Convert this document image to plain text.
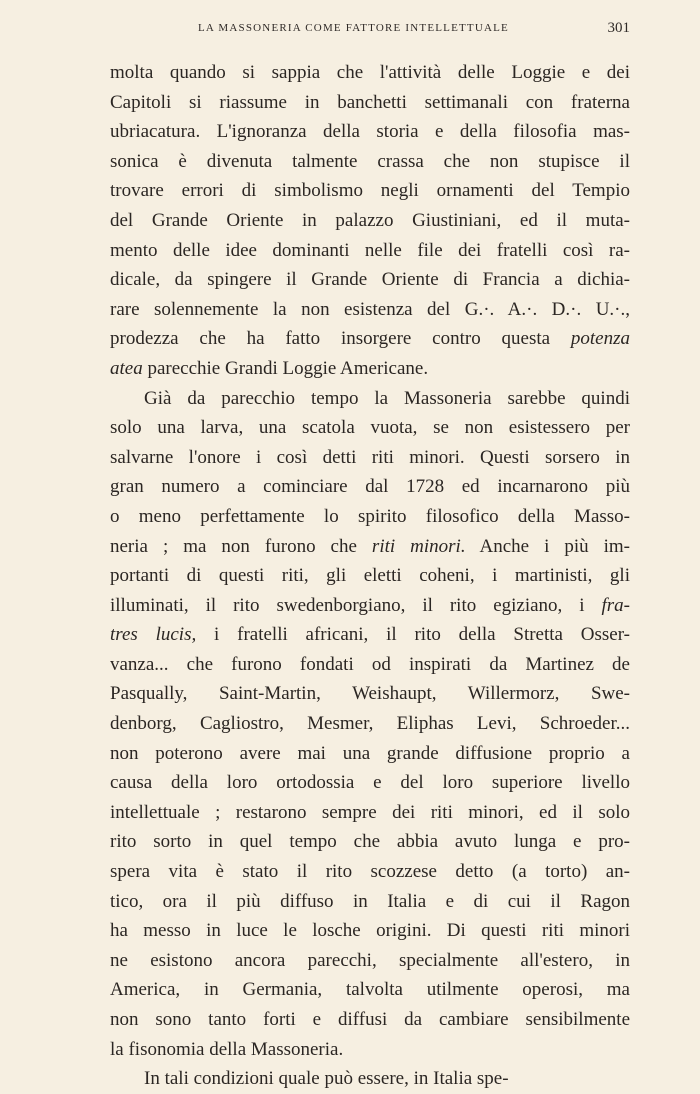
LA MASSONERIA COME FATTORE INTELLETTUALE	301

molta quando si sappia che l'attività delle Loggie e dei
Capitoli si riassume in banchetti settimanali con fraterna
ubriacatura. L'ignoranza della storia e della filosofia mas-
sonica è divenuta talmente crassa che non stupisce il
trovare errori di simbolismo negli ornamenti del Tempio
del Grande Oriente in palazzo Giustiniani, ed il muta-
mento delle idee dominanti nelle file dei fratelli così ra-
dicale, da spingere il Grande Oriente di Francia a dichia-
rare solennemente la non esistenza del G.·. A.·. D.·. U.·.,
prodezza che ha fatto insorgere contro questa potenza
atea parecchie Grandi Loggie Americane.

Già da parecchio tempo la Massoneria sarebbe quindi
solo una larva, una scatola vuota, se non esistessero per
salvarne l'onore i così detti riti minori. Questi sorsero in
gran numero a cominciare dal 1728 ed incarnarono più
o meno perfettamente lo spirito filosofico della Masso-
neria ; ma non furono che riti minori. Anche i più im-
portanti di questi riti, gli eletti coheni, i martinisti, gli
illuminati, il rito swedenborgiano, il rito egiziano, i fra-
tres lucis, i fratelli africani, il rito della Stretta Osser-
vanza... che furono fondati od inspirati da Martinez de
Pasqually, Saint-Martin, Weishaupt, Willermorz, Swe-
denborg, Cagliostro, Mesmer, Eliphas Levi, Schroeder...
non poterono avere mai una grande diffusione proprio a
causa della loro ortodossia e del loro superiore livello
intellettuale ; restarono sempre dei riti minori, ed il solo
rito sorto in quel tempo che abbia avuto lunga e pro-
spera vita è stato il rito scozzese detto (a torto) an-
tico, ora il più diffuso in Italia e di cui il Ragon
ha messo in luce le losche origini. Di questi riti minori
ne esistono ancora parecchi, specialmente all'estero, in
America, in Germania, talvolta utilmente operosi, ma
non sono tanto forti e diffusi da cambiare sensibilmente
la fisonomia della Massoneria.

In tali condizioni quale può essere, in Italia spe-
